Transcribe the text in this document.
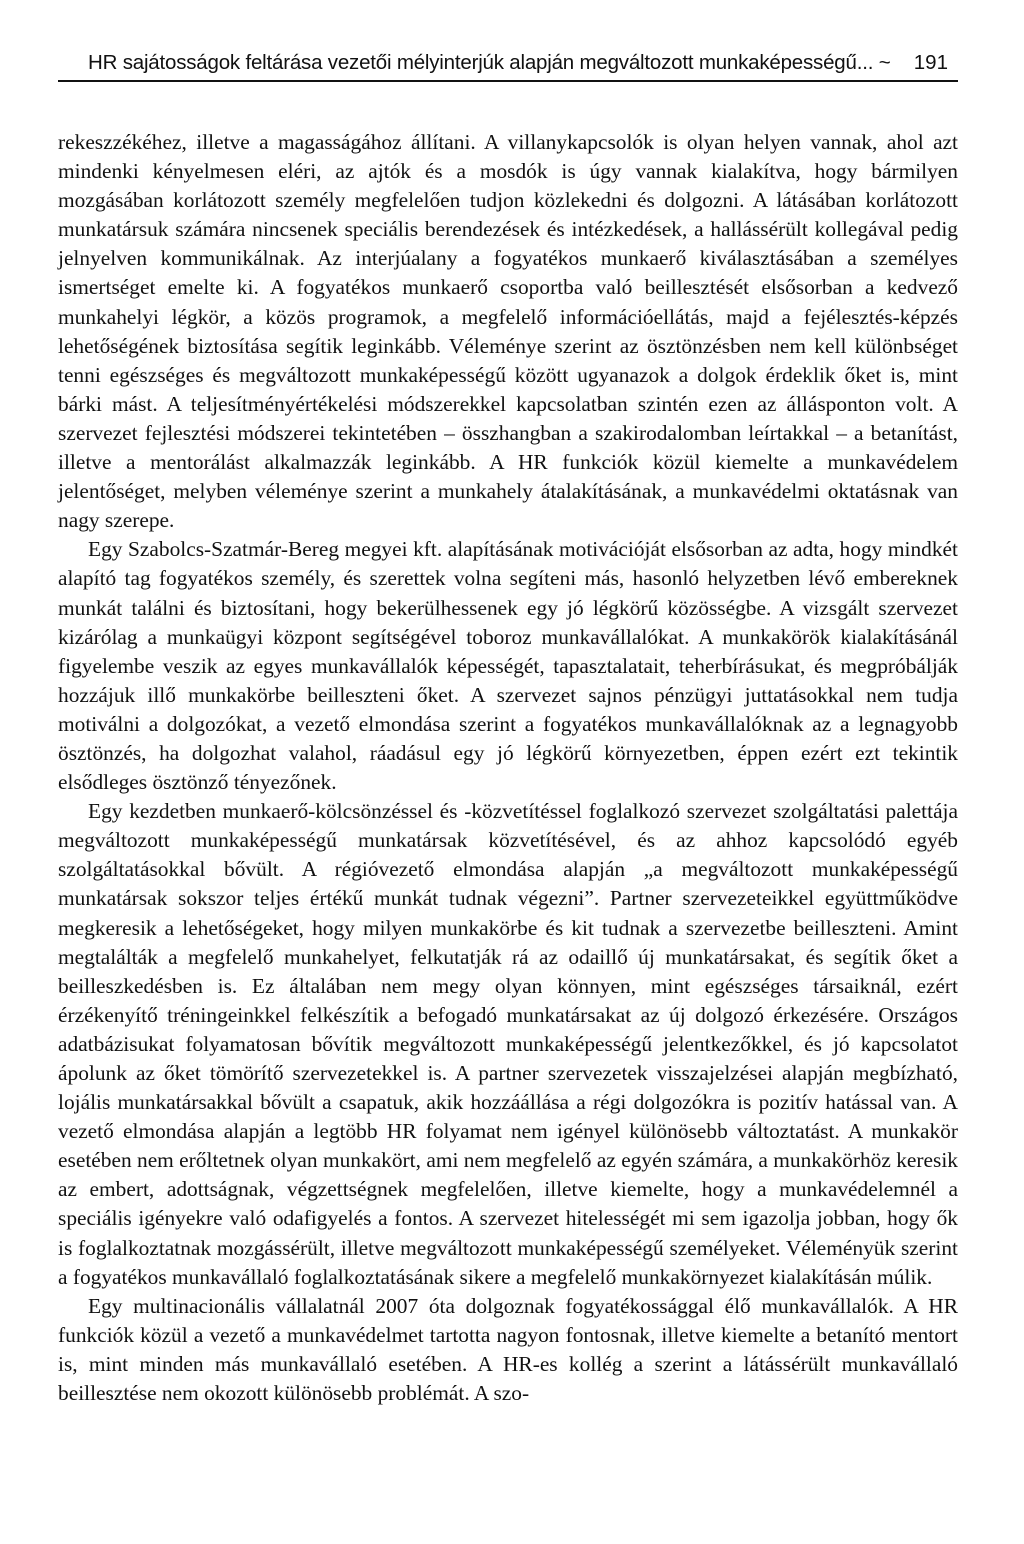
HR sajátosságok feltárása vezetői mélyinterjúk alapján megváltozott munkaképességű... ~ 191

rekeszzékéhez, illetve a magasságához állítani. A villanykapcsolók is olyan helyen vannak, ahol azt mindenki kényelmesen eléri, az ajtók és a mosdók is úgy vannak kialakítva, hogy bármilyen mozgásában korlátozott személy megfelelően tudjon közlekedni és dolgozni. A látásában korlátozott munkatársuk számára nincsenek speciális berendezések és intézkedések, a hallássérült kollegával pedig jelnyelven kommunikálnak. Az interjúalany a fogyatékos munkaerő kiválasztásában a személyes ismertséget emelte ki. A fogyatékos munkaerő csoportba való beillesztését elsősorban a kedvező munkahelyi légkör, a közös programok, a megfelelő információellátás, majd a fejélesztés-képzés lehetőségének biztosítása segítik leginkább. Véleménye szerint az ösztönzésben nem kell különbséget tenni egészséges és megváltozott munkaképességű között ugyanazok a dolgok érdeklik őket is, mint bárki mást. A teljesítményértékelési módszerekkel kapcsolatban szintén ezen az állásponton volt. A szervezet fejlesztési módszerei tekintetében – összhangban a szakirodalomban leírtakkal – a betanítást, illetve a mentorálást alkalmazzák leginkább. A HR funkciók közül kiemelte a munkavédelem jelentőséget, melyben véleménye szerint a munkahely átalakításának, a munkavédelmi oktatásnak van nagy szerepe.

Egy Szabolcs-Szatmár-Bereg megyei kft. alapításának motivációját elsősorban az adta, hogy mindkét alapító tag fogyatékos személy, és szerettek volna segíteni más, hasonló helyzetben lévő embereknek munkát találni és biztosítani, hogy bekerülhessenek egy jó légkörű közösségbe. A vizsgált szervezet kizárólag a munkaügyi központ segítségével toboroz munkavállalókat. A munkakörök kialakításánál figyelembe veszik az egyes munkavállalók képességét, tapasztalatait, teherbírásukat, és megpróbálják hozzájuk illő munkakörbe beilleszteni őket. A szervezet sajnos pénzügyi juttatásokkal nem tudja motiválni a dolgozókat, a vezető elmondása szerint a fogyatékos munkavállalóknak az a legnagyobb ösztönzés, ha dolgozhat valahol, ráadásul egy jó légkörű környezetben, éppen ezért ezt tekintik elsődleges ösztönző tényezőnek.

Egy kezdetben munkaerő-kölcsönzéssel és -közvetítéssel foglalkozó szervezet szolgáltatási palettája megváltozott munkaképességű munkatársak közvetítésével, és az ahhoz kapcsolódó egyéb szolgáltatásokkal bővült. A régióvezető elmondása alapján „a megváltozott munkaképességű munkatársak sokszor teljes értékű munkát tudnak végezni”. Partner szervezeteikkel együttműködve megkeresik a lehetőségeket, hogy milyen munkakörbe és kit tudnak a szervezetbe beilleszteni. Amint megtalálták a megfelelő munkahelyet, felkutatják rá az odaillő új munkatársakat, és segítik őket a beilleszkedésben is. Ez általában nem megy olyan könnyen, mint egészséges társaiknál, ezért érzékenyítő tréningeinkkel felkészítik a befogadó munkatársakat az új dolgozó érkezésére. Országos adatbázisukat folyamatosan bővítik megváltozott munkaképességű jelentkezőkkel, és jó kapcsolatot ápolunk az őket tömörítő szervezetekkel is. A partner szervezetek visszajelzései alapján megbízható, lojális munkatársakkal bővült a csapatuk, akik hozzáállása a régi dolgozókra is pozitív hatással van. A vezető elmondása alapján a legtöbb HR folyamat nem igényel különösebb változtatást. A munkakör esetében nem erőltetnek olyan munkakört, ami nem megfelelő az egyén számára, a munkakörhöz keresik az embert, adottságnak, végzettségnek megfelelően, illetve kiemelte, hogy a munkavédelemnél a speciális igényekre való odafigyelés a fontos. A szervezet hitelességét mi sem igazolja jobban, hogy ők is foglalkoztatnak mozgássérült, illetve megváltozott munkaképességű személyeket. Véleményük szerint a fogyatékos munkavállaló foglalkoztatásának sikere a megfelelő munkakörnyezet kialakításán múlik.

Egy multinacionális vállalatnál 2007 óta dolgoznak fogyatékossággal élő munkavállalók. A HR funkciók közül a vezető a munkavédelmet tartotta nagyon fontosnak, illetve kiemelte a betanító mentort is, mint minden más munkavállaló esetében. A HR-es kollég a szerint a látássérült munkavállaló beillesztése nem okozott különösebb problémát. A szo-
